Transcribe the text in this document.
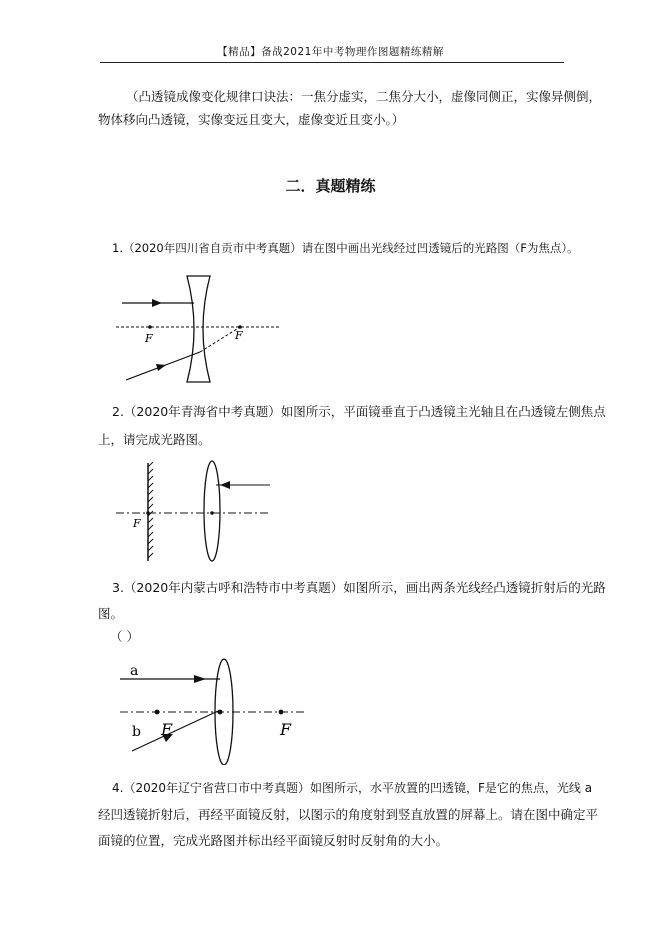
【精品】备战2021年中考物理作图题精练精解
（凸透镜成像变化规律口诀法：一焦分虚实，二焦分大小，虚像同侧正，实像异侧倒，
物体移向凸透镜，实像变远且变大，虚像变近且变小。）
二．真题精练
1.（2020年四川省自贡市中考真题）请在图中画出光线经过凹透镜后的光路图（F为焦点）。
F	F
2.（2020年青海省中考真题）如图所示，平面镜垂直于凸透镜主光轴且在凸透镜左侧焦点
上，请完成光路图。
F
3.（2020年内蒙古呼和浩特市中考真题）如图所示，画出两条光线经凸透镜折射后的光路
图。
（ ）
a
b F	F
4.（2020年辽宁省营口市中考真题）如图所示，水平放置的凹透镜，F是它的焦点，光线 a
经凹透镜折射后，再经平面镜反射，以图示的角度射到竖直放置的屏幕上。请在图中确定平
面镜的位置，完成光路图并标出经平面镜反射时反射角的大小。
